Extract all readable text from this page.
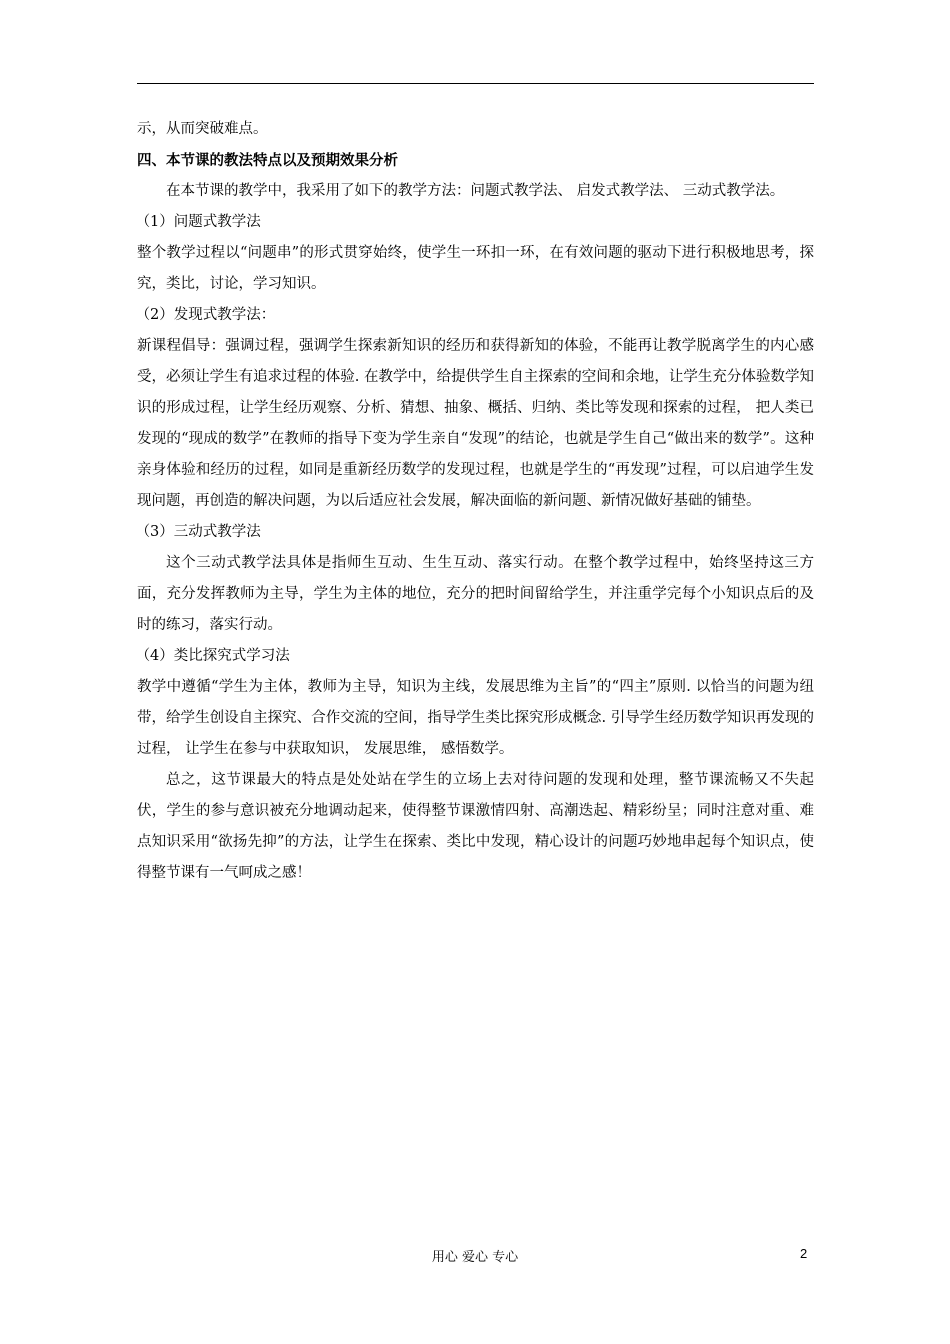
示，从而突破难点。

四、本节课的教法特点以及预期效果分析

在本节课的教学中，我采用了如下的教学方法：问题式教学法、 启发式教学法、 三动式教学法。

（1）问题式教学法

整个教学过程以“问题串”的形式贯穿始终，使学生一环扣一环，在有效问题的驱动下进行积极地思考，探究，类比，讨论，学习知识。

（2）发现式教学法：

新课程倡导：强调过程，强调学生探索新知识的经历和获得新知的体验，不能再让教学脱离学生的内心感受，必须让学生有追求过程的体验. 在教学中，给提供学生自主探索的空间和余地，让学生充分体验数学知识的形成过程，让学生经历观察、分析、猜想、抽象、概括、归纳、类比等发现和探索的过程， 把人类已发现的“现成的数学”在教师的指导下变为学生亲自“发现”的结论，也就是学生自己“做出来的数学”。这种亲身体验和经历的过程，如同是重新经历数学的发现过程，也就是学生的“再发现”过程，可以启迪学生发现问题，再创造的解决问题，为以后适应社会发展，解决面临的新问题、新情况做好基础的铺垫。

（3）三动式教学法

这个三动式教学法具体是指师生互动、生生互动、落实行动。在整个教学过程中，始终坚持这三方面，充分发挥教师为主导，学生为主体的地位，充分的把时间留给学生，并注重学完每个小知识点后的及时的练习，落实行动。

（4）类比探究式学习法

教学中遵循“学生为主体，教师为主导，知识为主线，发展思维为主旨”的“四主”原则. 以恰当的问题为纽带，给学生创设自主探究、合作交流的空间，指导学生类比探究形成概念. 引导学生经历数学知识再发现的过程， 让学生在参与中获取知识， 发展思维， 感悟数学。

总之，这节课最大的特点是处处站在学生的立场上去对待问题的发现和处理，整节课流畅又不失起伏，学生的参与意识被充分地调动起来，使得整节课激情四射、高潮迭起、精彩纷呈；同时注意对重、难点知识采用“欲扬先抑”的方法，让学生在探索、类比中发现，精心设计的问题巧妙地串起每个知识点，使得整节课有一气呵成之感！

用心 爱心 专心	2
